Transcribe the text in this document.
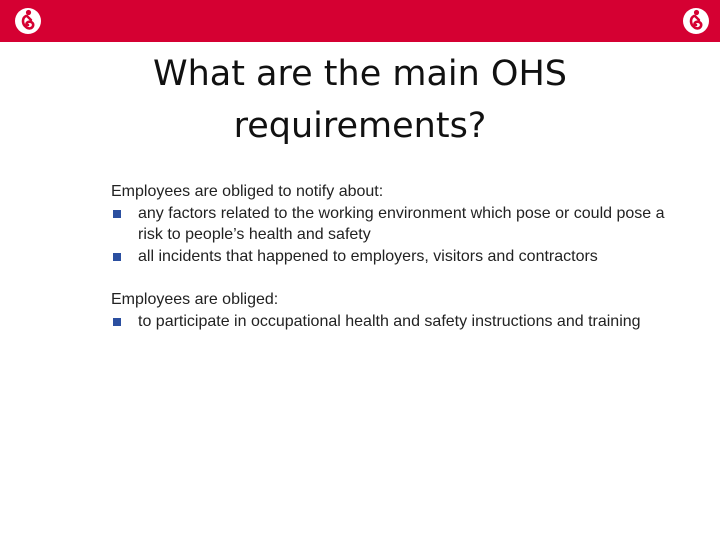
What are the main OHS
requirements?

Employees are obliged to notify about:

any factors related to the working environment which pose or could pose a risk to people’s health and safety
all incidents that happened to employers, visitors and contractors

Employees are obliged:

to participate in occupational health and safety instructions and training
